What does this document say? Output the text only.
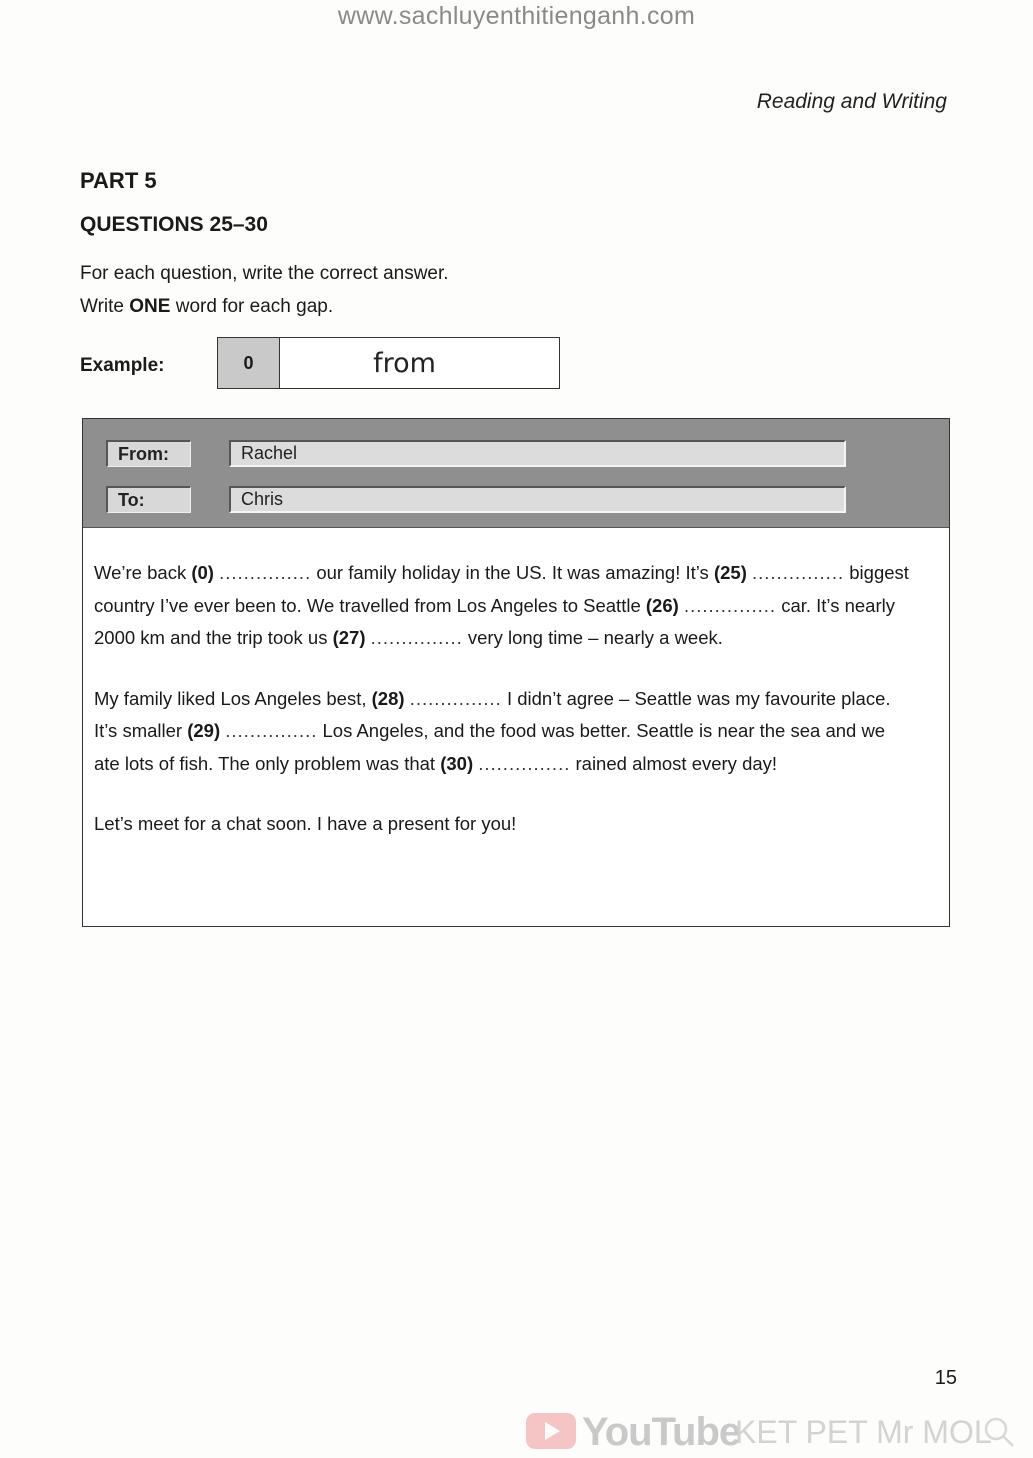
www.sachluyenthitienganh.com
Reading and Writing
PART 5
QUESTIONS 25–30
For each question, write the correct answer.
Write ONE word for each gap.
Example:	0	from
From:	Rachel
To:	Chris

We’re back (0) ............... our family holiday in the US. It was amazing! It’s (25) ............... biggest country I’ve ever been to. We travelled from Los Angeles to Seattle (26) ............... car. It’s nearly 2000 km and the trip took us (27) ............... very long time – nearly a week.

My family liked Los Angeles best, (28) ............... I didn’t agree – Seattle was my favourite place. It’s smaller (29) ............... Los Angeles, and the food was better. Seattle is near the sea and we ate lots of fish. The only problem was that (30) ............... rained almost every day!

Let’s meet for a chat soon. I have a present for you!

15
YouTube
KET PET Mr MOL
